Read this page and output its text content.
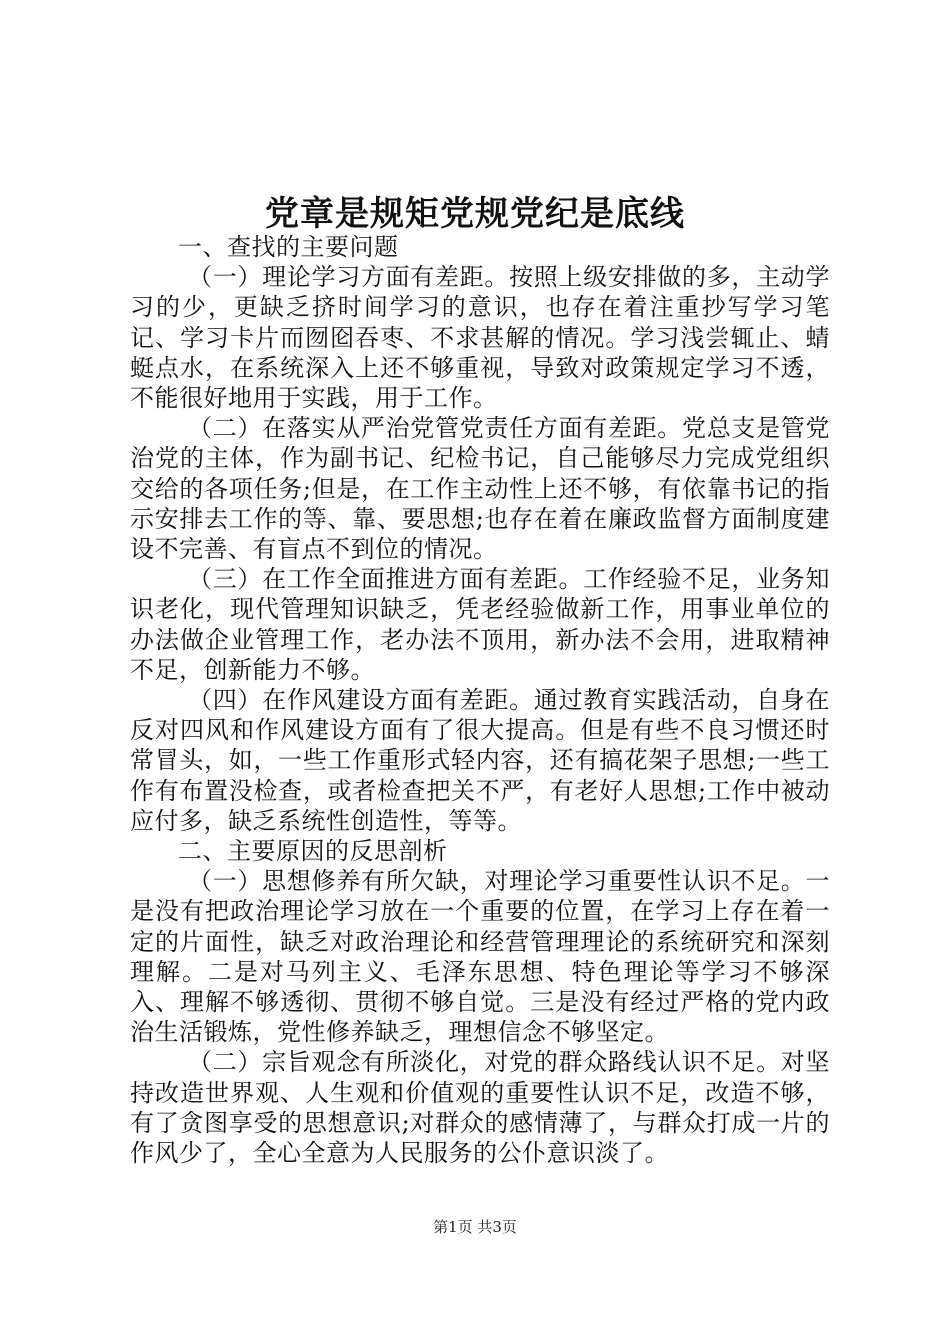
党章是规矩党规党纪是底线

一、查找的主要问题

（一）理论学习方面有差距。按照上级安排做的多，主动学习的少，更缺乏挤时间学习的意识，也存在着注重抄写学习笔记、学习卡片而囫囵吞枣、不求甚解的情况。学习浅尝辄止、蜻蜓点水，在系统深入上还不够重视，导致对政策规定学习不透，不能很好地用于实践，用于工作。

（二）在落实从严治党管党责任方面有差距。党总支是管党治党的主体，作为副书记、纪检书记，自己能够尽力完成党组织交给的各项任务;但是，在工作主动性上还不够，有依靠书记的指示安排去工作的等、靠、要思想;也存在着在廉政监督方面制度建设不完善、有盲点不到位的情况。

（三）在工作全面推进方面有差距。工作经验不足，业务知识老化，现代管理知识缺乏，凭老经验做新工作，用事业单位的办法做企业管理工作，老办法不顶用，新办法不会用，进取精神不足，创新能力不够。

（四）在作风建设方面有差距。通过教育实践活动，自身在反对四风和作风建设方面有了很大提高。但是有些不良习惯还时常冒头，如，一些工作重形式轻内容，还有搞花架子思想;一些工作有布置没检查，或者检查把关不严，有老好人思想;工作中被动应付多，缺乏系统性创造性，等等。

二、主要原因的反思剖析

（一）思想修养有所欠缺，对理论学习重要性认识不足。一是没有把政治理论学习放在一个重要的位置，在学习上存在着一定的片面性，缺乏对政治理论和经营管理理论的系统研究和深刻理解。二是对马列主义、毛泽东思想、特色理论等学习不够深入、理解不够透彻、贯彻不够自觉。三是没有经过严格的党内政治生活锻炼，党性修养缺乏，理想信念不够坚定。

（二）宗旨观念有所淡化，对党的群众路线认识不足。对坚持改造世界观、人生观和价值观的重要性认识不足，改造不够，有了贪图享受的思想意识;对群众的感情薄了，与群众打成一片的作风少了，全心全意为人民服务的公仆意识淡了。

第1页 共3页
